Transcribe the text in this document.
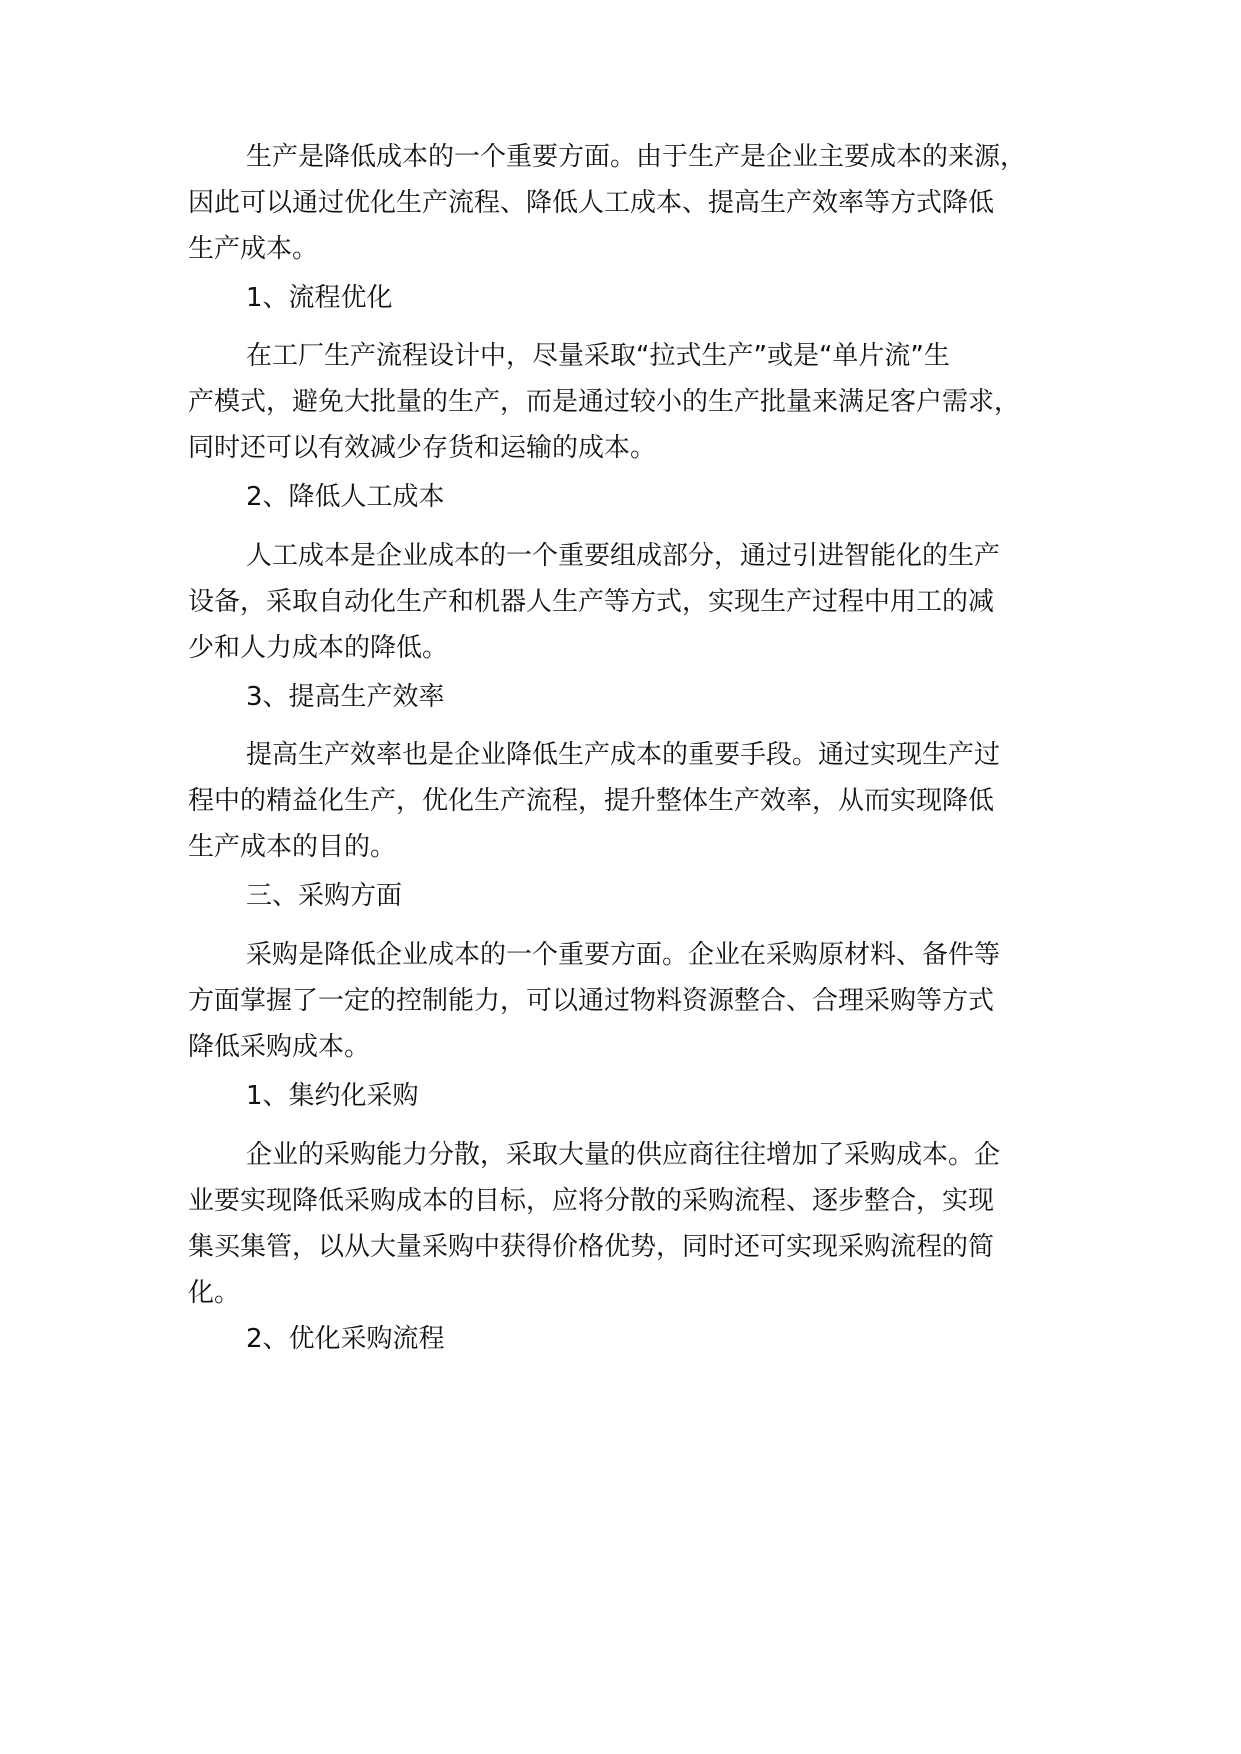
生产是降低成本的一个重要方面。由于生产是企业主要成本的来源，
因此可以通过优化生产流程、降低人工成本、提高生产效率等方式降低
生产成本。
1、流程优化
在工厂生产流程设计中，尽量采取“拉式生产”或是“单片流”生
产模式，避免大批量的生产，而是通过较小的生产批量来满足客户需求，
同时还可以有效减少存货和运输的成本。
2、降低人工成本
人工成本是企业成本的一个重要组成部分，通过引进智能化的生产
设备，采取自动化生产和机器人生产等方式，实现生产过程中用工的减
少和人力成本的降低。
3、提高生产效率
提高生产效率也是企业降低生产成本的重要手段。通过实现生产过
程中的精益化生产，优化生产流程，提升整体生产效率，从而实现降低
生产成本的目的。
三、采购方面
采购是降低企业成本的一个重要方面。企业在采购原材料、备件等
方面掌握了一定的控制能力，可以通过物料资源整合、合理采购等方式
降低采购成本。
1、集约化采购
企业的采购能力分散，采取大量的供应商往往增加了采购成本。企
业要实现降低采购成本的目标，应将分散的采购流程、逐步整合，实现
集买集管，以从大量采购中获得价格优势，同时还可实现采购流程的简
化。
2、优化采购流程
